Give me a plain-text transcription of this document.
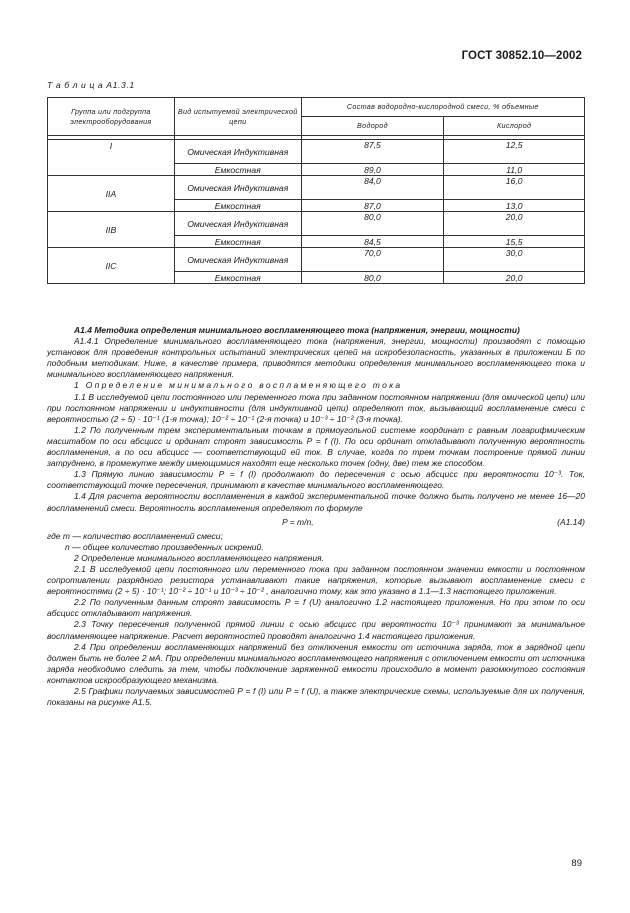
ГОСТ 30852.10—2002
Т а б л и ц а А1.3.1
Группа или подгруппа электрооборудования	Вид испытуемой электрической цепи	Состав водородно-кислородной смеси, % объемные	
		Водород	Кислород

I	Омическая Индуктивная	87,5	12,5
	Емкостная	89,0	11,0
IIA	Омическая Индуктивная	84,0	16,0
	Емкостная	87,0	13,0
IIB	Омическая Индуктивная	80,0	20,0
	Емкостная	84,5	15,5
IIC	Омическая Индуктивная	70,0	30,0
	Емкостная	80,0	20,0

А1.4 Методика определения минимального воспламеняющего тока (напряжения, энергии, мощности)

А1.4.1 Определение минимального воспламеняющего тока (напряжения, энергии, мощности) производят с помощью установок для проведения контрольных испытаний электрических цепей на искробезопасность, указанных в приложении Б по подобным методикам. Ниже, в качестве примера, приводятся методики определения минимального воспламеняющего тока и минимального воспламеняющего напряжения.

1 Определение минимального воспламеняющего тока

1.1 В исследуемой цепи постоянного или переменного тока при заданном постоянном напряжении (для омической цепи) или при постоянном напряжении и индуктивности (для индуктивной цепи) определяют ток, вызывающий воспламенение смеси с вероятностью (2 ÷ 5) · 10⁻¹ (1-я точка); 10⁻² ÷ 10⁻¹ (2-я точка) и 10⁻³ ÷ 10⁻² (3-я точка).

1.2 По полученным трем экспериментальным точкам в прямоугольной системе координат с равным логарифмическим масштабом по оси абсцисс и ординат строят зависимость P = f (I). По оси ординат откладывают полученную вероятность воспламенения, а по оси абсцисс — соответствующий ей ток. В случае, когда по трем точкам построение прямой линии затруднено, в промежутке между имеющимися находят еще несколько точек (одну, две) тем же способом.

1.3 Прямую линию зависимости P = f (I) продолжают до пересечения с осью абсцисс при вероятности 10⁻³. Ток, соответствующий точке пересечения, принимают в качестве минимального воспламеняющего.

1.4 Для расчета вероятности воспламенения в каждой экспериментальной точке должно быть получено не менее 16—20 воспламенений смеси. Вероятность воспламенения определяют по формуле

P = m/n,	(А1.14)

где m — количество воспламенений смеси;

n — общее количество произведенных искрений.

2 Определение минимального воспламеняющего напряжения.

2.1 В исследуемой цепи постоянного или переменного тока при заданном постоянном значении емкости и постоянном сопротивлении разрядного резистора устанавливают такие напряжения, которые вызывают воспламенение смеси с вероятностями (2 ÷ 5) · 10⁻¹; 10⁻² ÷ 10⁻¹ и 10⁻³ ÷ 10⁻² , аналогично тому, как это указано в 1.1—1.3 настоящего приложения.

2.2 По полученным данным строят зависимость P = f (U) аналогично 1.2 настоящего приложения. Но при этом по оси абсцисс откладывают напряжения.

2.3 Точку пересечения полученной прямой линии с осью абсцисс при вероятности 10⁻³ принимают за минимальное воспламеняющее напряжение. Расчет вероятностей проводят аналогично 1.4 настоящего приложения.

2.4 При определении воспламеняющих напряжений без отключения емкости от источника заряда, ток в зарядной цепи должен быть не более 2 мА. При определении минимального воспламеняющего напряжения с отключением емкости от источника заряда необходимо следить за тем, чтобы подключение заряженной емкости происходило в момент разомкнутого состояния контактов искрообразующего механизма.

2.5 Графики получаемых зависимостей P = f (I) или P = f (U), а также электрические схемы, используемые для их получения, показаны на рисунке А1.5.

89
